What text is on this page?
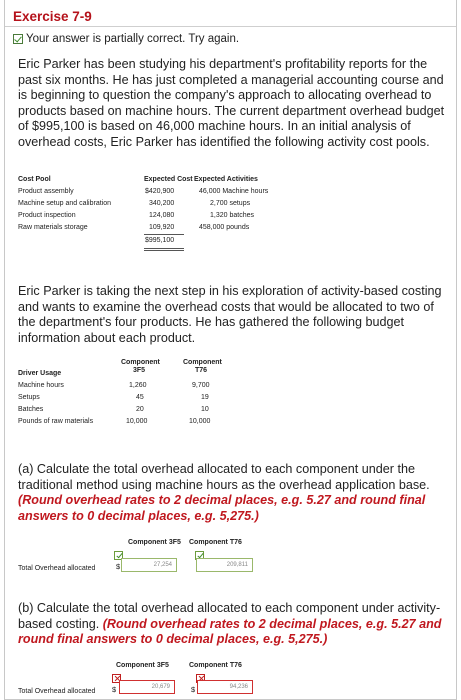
Exercise 7-9
Your answer is partially correct. Try again.
Eric Parker has been studying his department's profitability reports for the past six months. He has just completed a managerial accounting course and is beginning to question the company's approach to allocating overhead to products based on machine hours. The current department overhead budget of $995,100 is based on 46,000 machine hours. In an initial analysis of overhead costs, Eric Parker has identified the following activity cost pools.
Cost Pool	Expected Cost Expected Activities
Product assembly	$420,900	46,000 Machine hours
Machine setup and calibration	340,200	2,700 setups
Product inspection	124,080	1,320 batches
Raw materials storage	109,920	458,000 pounds
$995,100
Eric Parker is taking the next step in his exploration of activity-based costing and wants to examine the overhead costs that would be allocated to two of the department's four products. He has gathered the following budget information about each product.
Component
3F5
Component
T76
Driver Usage
Machine hours	1,260	9,700
Setups	45	19
Batches	20	10
Pounds of raw materials	10,000	10,000
(a) Calculate the total overhead allocated to each component under the traditional method using machine hours as the overhead application base. (Round overhead rates to 2 decimal places, e.g. 5.27 and round final answers to 0 decimal places, e.g. 5,275.)
Component 3F5 Component T76
Total Overhead allocated	$	27,254	209,811
(b) Calculate the total overhead allocated to each component under activity-based costing. (Round overhead rates to 2 decimal places, e.g. 5.27 and round final answers to 0 decimal places, e.g. 5,275.)
Component 3F5	Component T76
Total Overhead allocated $	20,679	$	94,236
